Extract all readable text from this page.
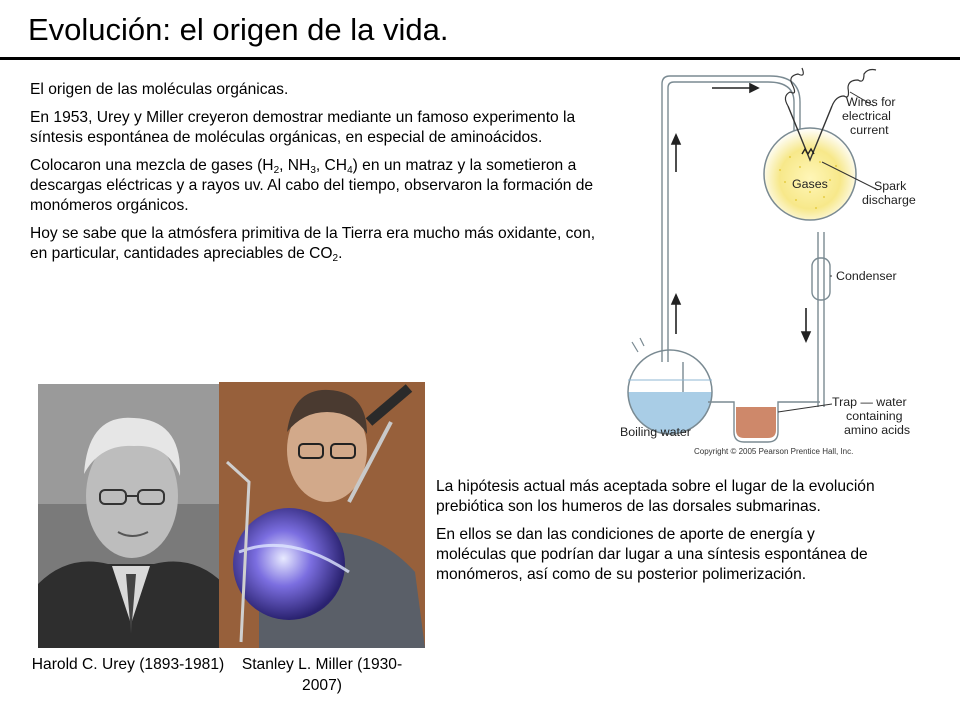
Evolución: el origen de la vida.

El origen de las moléculas orgánicas.

En 1953, Urey y Miller creyeron demostrar mediante un famoso experimento la síntesis espontánea de moléculas orgánicas, en especial de aminoácidos.

Colocaron una mezcla de gases ($H_2$, $NH_3$, $CH_4$) en un matraz y la sometieron a descargas eléctricas y a rayos uv. Al cabo del tiempo, observaron la formación de monómeros orgánicos.

Hoy se sabe que la atmósfera primitiva de la Tierra era mucho más oxidante, con, en particular, cantidades apreciables de $CO_2$.

Gases
Wires for
electrical
current
Spark
discharge
Condenser
Trap — water
containing
amino acids
Boiling water
Copyright © 2005 Pearson Prentice Hall, Inc.
Harold C. Urey (1893-1981)	Stanley L. Miller (1930-2007)

La hipótesis actual más aceptada sobre el lugar de la evolución prebiótica son los humeros de las dorsales submarinas.

En ellos se dan las condiciones de aporte de energía y moléculas que podrían dar lugar a una síntesis espontánea de monómeros, así como de su posterior polimerización.
